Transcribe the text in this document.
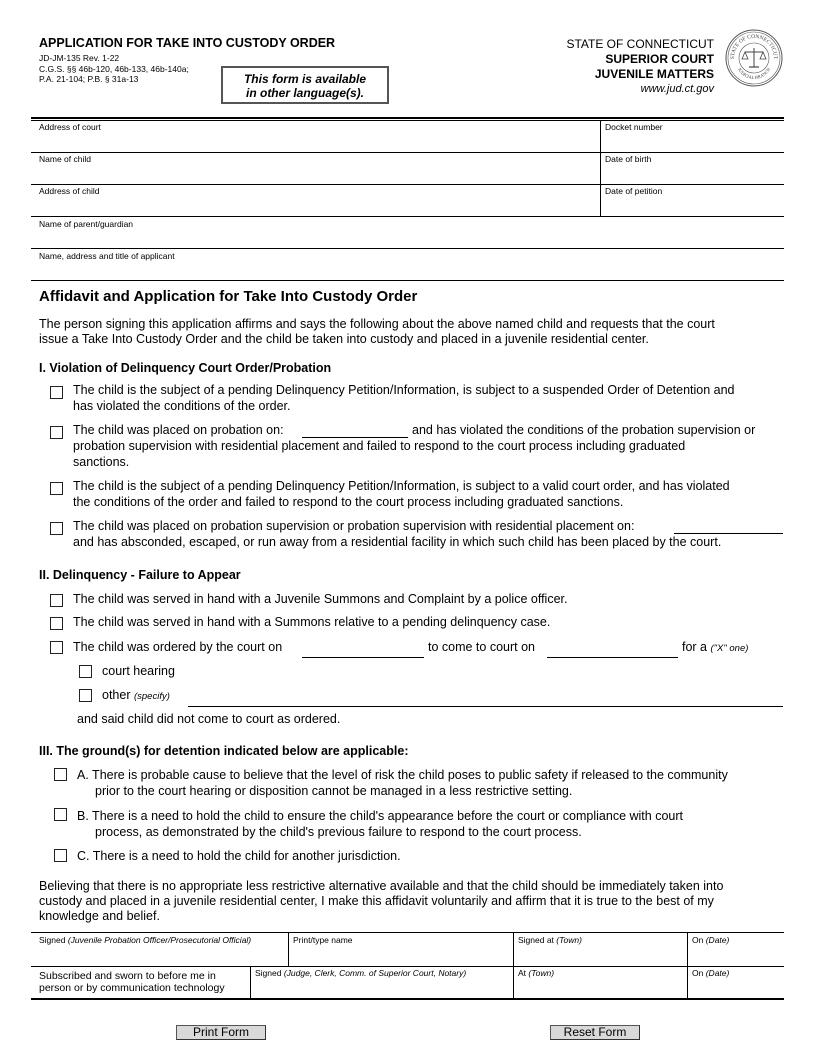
APPLICATION FOR TAKE INTO CUSTODY ORDER
JD-JM-135 Rev. 1-22
C.G.S. §§ 46b-120, 46b-133, 46b-140a;
P.A. 21-104; P.B. § 31a-13	This form is available
in other language(s).
STATE OF CONNECTICUT
SUPERIOR COURT
JUVENILE MATTERS
www.jud.ct.gov
STATE OF CONNECTICUT
JUDICIAL BRANCH
Address of court	Docket number
Name of child	Date of birth
Address of child	Date of petition
Name of parent/guardian
Name, address and title of applicant
Affidavit and Application for Take Into Custody Order
The person signing this application affirms and says the following about the above named child and requests that the court
issue a Take Into Custody Order and the child be taken into custody and placed in a juvenile residential center.
I. Violation of Delinquency Court Order/Probation
The child is the subject of a pending Delinquency Petition/Information, is subject to a suspended Order of Detention and
has violated the conditions of the order.
The child was placed on probation on:	and has violated the conditions of the probation supervision or
probation supervision with residential placement and failed to respond to the court process including graduated
sanctions.
The child is the subject of a pending Delinquency Petition/Information, is subject to a valid court order, and has violated
the conditions of the order and failed to respond to the court process including graduated sanctions.
The child was placed on probation supervision or probation supervision with residential placement on:
and has absconded, escaped, or run away from a residential facility in which such child has been placed by the court.
II. Delinquency - Failure to Appear
The child was served in hand with a Juvenile Summons and Complaint by a police officer.
The child was served in hand with a Summons relative to a pending delinquency case.
The child was ordered by the court on	to come to court on	for a ("X" one)
court hearing
other (specify)
and said child did not come to court as ordered.
III. The ground(s) for detention indicated below are applicable:
A. There is probable cause to believe that the level of risk the child poses to public safety if released to the community
prior to the court hearing or disposition cannot be managed in a less restrictive setting.
B. There is a need to hold the child to ensure the child's appearance before the court or compliance with court
process, as demonstrated by the child's previous failure to respond to the court process.
C. There is a need to hold the child for another jurisdiction.
Believing that there is no appropriate less restrictive alternative available and that the child should be immediately taken into
custody and placed in a juvenile residential center, I make this affidavit voluntarily and affirm that it is true to the best of my
knowledge and belief.
Signed (Juvenile Probation Officer/Prosecutorial Official)	Print/type name	Signed at (Town)	On (Date)
Subscribed and sworn to before me in
person or by communication technology
Signed (Judge, Clerk, Comm. of Superior Court, Notary)	At (Town)	On (Date)
Print Form	Reset Form
